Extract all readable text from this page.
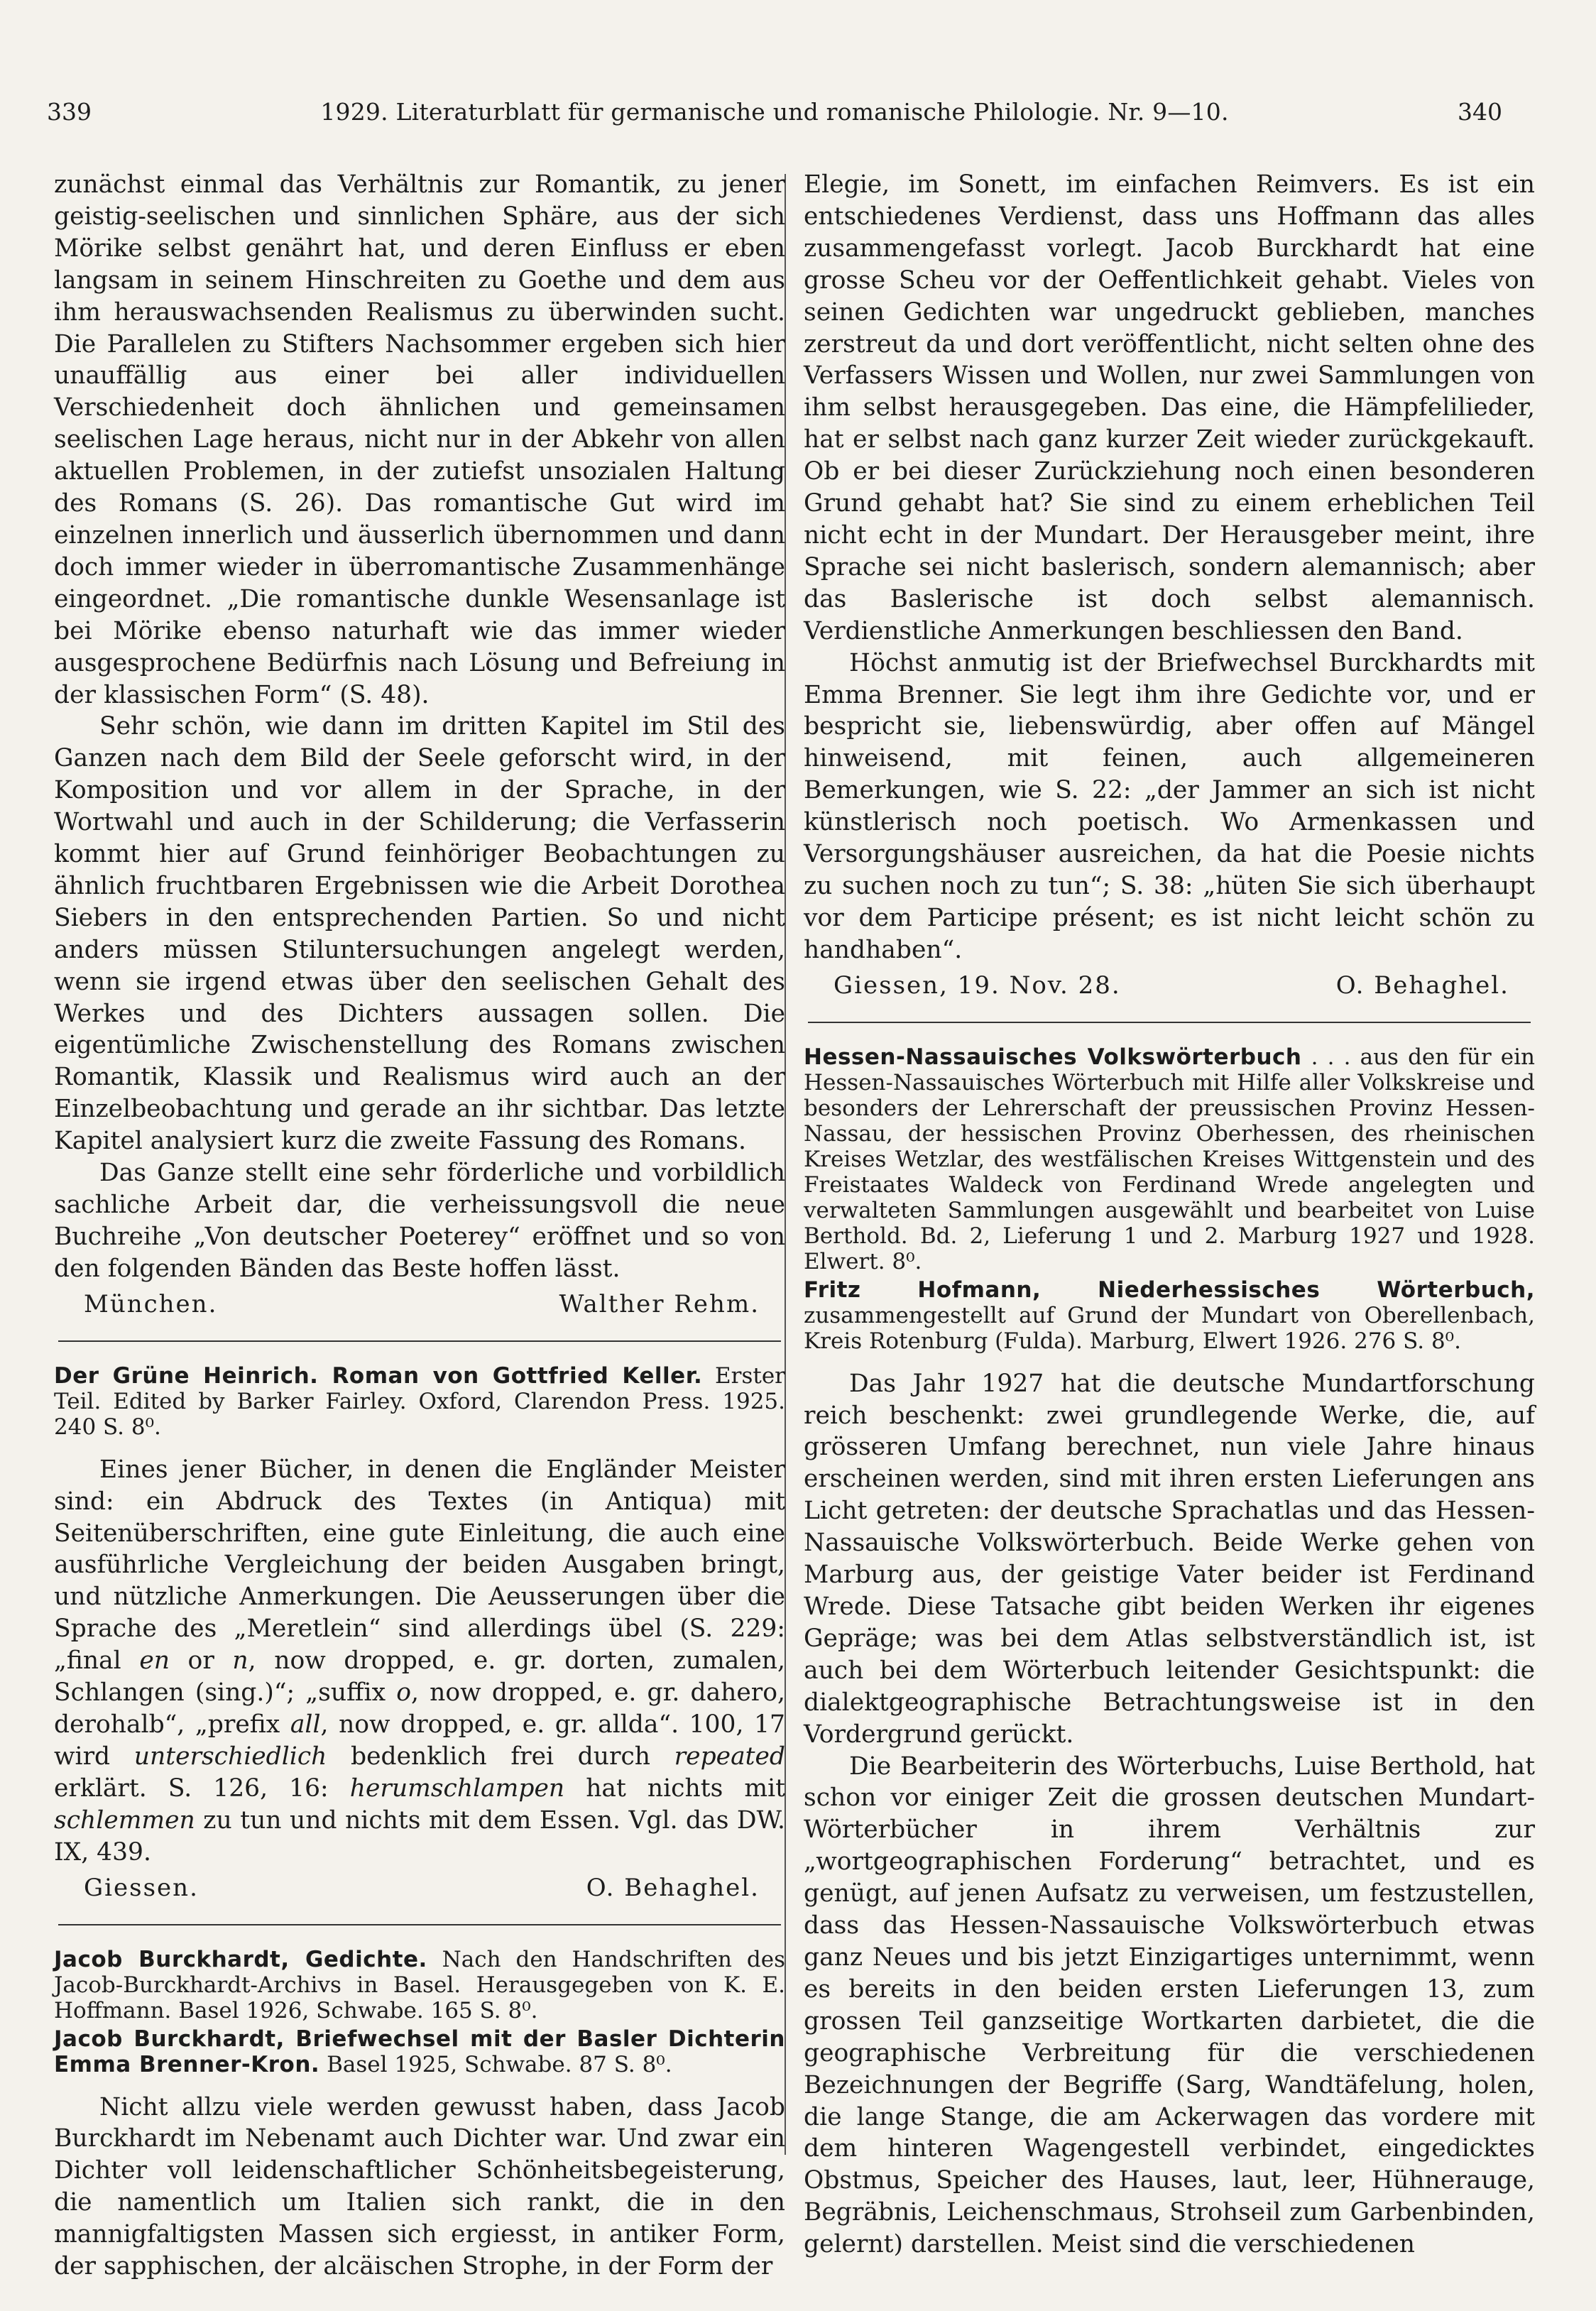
339	1929. Literaturblatt für germanische und romanische Philologie. Nr. 9—10.	340

zunächst einmal das Verhältnis zur Romantik, zu jener geistig-seelischen und sinnlichen Sphäre, aus der sich Mörike selbst genährt hat, und deren Einfluss er eben langsam in seinem Hinschreiten zu Goethe und dem aus ihm herauswachsenden Realismus zu überwinden sucht. Die Parallelen zu Stifters Nachsommer ergeben sich hier unauffällig aus einer bei aller individuellen Verschiedenheit doch ähnlichen und gemeinsamen seelischen Lage heraus, nicht nur in der Abkehr von allen aktuellen Problemen, in der zutiefst unsozialen Haltung des Romans (S. 26). Das romantische Gut wird im einzelnen innerlich und äusserlich übernommen und dann doch immer wieder in überromantische Zusammenhänge eingeordnet. „Die romantische dunkle Wesensanlage ist bei Mörike ebenso naturhaft wie das immer wieder ausgesprochene Bedürfnis nach Lösung und Befreiung in der klassischen Form“ (S. 48).

Sehr schön, wie dann im dritten Kapitel im Stil des Ganzen nach dem Bild der Seele geforscht wird, in der Komposition und vor allem in der Sprache, in der Wortwahl und auch in der Schilderung; die Verfasserin kommt hier auf Grund feinhöriger Beobachtungen zu ähnlich fruchtbaren Ergebnissen wie die Arbeit Dorothea Siebers in den entsprechenden Partien. So und nicht anders müssen Stiluntersuchungen angelegt werden, wenn sie irgend etwas über den seelischen Gehalt des Werkes und des Dichters aussagen sollen. Die eigentümliche Zwischenstellung des Romans zwischen Romantik, Klassik und Realismus wird auch an der Einzelbeobachtung und gerade an ihr sichtbar. Das letzte Kapitel analysiert kurz die zweite Fassung des Romans.

Das Ganze stellt eine sehr förderliche und vorbildlich sachliche Arbeit dar, die verheissungsvoll die neue Buchreihe „Von deutscher Poeterey“ eröffnet und so von den folgenden Bänden das Beste hoffen lässt.

München.	Walther Rehm.
Der Grüne Heinrich. Roman von Gottfried Keller. Erster Teil. Edited by Barker Fairley. Oxford, Clarendon Press. 1925. 240 S. 8⁰.

Eines jener Bücher, in denen die Engländer Meister sind: ein Abdruck des Textes (in Antiqua) mit Seitenüberschriften, eine gute Einleitung, die auch eine ausführliche Vergleichung der beiden Ausgaben bringt, und nützliche Anmerkungen. Die Aeusserungen über die Sprache des „Meretlein“ sind allerdings übel (S. 229: „final en or n, now dropped, e. gr. dorten, zumalen, Schlangen (sing.)“; „suffix o, now dropped, e. gr. dahero, derohalb“, „prefix all, now dropped, e. gr. allda“. 100, 17 wird unterschiedlich bedenklich frei durch repeated erklärt. S. 126, 16: herumschlampen hat nichts mit schlemmen zu tun und nichts mit dem Essen. Vgl. das DW. IX, 439.

Giessen.	O. Behaghel.
Jacob Burckhardt, Gedichte. Nach den Handschriften des Jacob-Burckhardt-Archivs in Basel. Herausgegeben von K. E. Hoffmann. Basel 1926, Schwabe. 165 S. 8⁰.
Jacob Burckhardt, Briefwechsel mit der Basler Dichterin Emma Brenner-Kron. Basel 1925, Schwabe. 87 S. 8⁰.

Nicht allzu viele werden gewusst haben, dass Jacob Burckhardt im Nebenamt auch Dichter war. Und zwar ein Dichter voll leidenschaftlicher Schönheitsbegeisterung, die namentlich um Italien sich rankt, die in den mannigfaltigsten Massen sich ergiesst, in antiker Form, der sapphischen, der alcäischen Strophe, in der Form der

Elegie, im Sonett, im einfachen Reimvers. Es ist ein entschiedenes Verdienst, dass uns Hoffmann das alles zusammengefasst vorlegt. Jacob Burckhardt hat eine grosse Scheu vor der Oeffentlichkeit gehabt. Vieles von seinen Gedichten war ungedruckt geblieben, manches zerstreut da und dort veröffentlicht, nicht selten ohne des Verfassers Wissen und Wollen, nur zwei Sammlungen von ihm selbst herausgegeben. Das eine, die Hämpfelilieder, hat er selbst nach ganz kurzer Zeit wieder zurückgekauft. Ob er bei dieser Zurückziehung noch einen besonderen Grund gehabt hat? Sie sind zu einem erheblichen Teil nicht echt in der Mundart. Der Herausgeber meint, ihre Sprache sei nicht baslerisch, sondern alemannisch; aber das Baslerische ist doch selbst alemannisch. Verdienstliche Anmerkungen beschliessen den Band.

Höchst anmutig ist der Briefwechsel Burckhardts mit Emma Brenner. Sie legt ihm ihre Gedichte vor, und er bespricht sie, liebenswürdig, aber offen auf Mängel hinweisend, mit feinen, auch allgemeineren Bemerkungen, wie S. 22: „der Jammer an sich ist nicht künstlerisch noch poetisch. Wo Armenkassen und Versorgungshäuser ausreichen, da hat die Poesie nichts zu suchen noch zu tun“; S. 38: „hüten Sie sich überhaupt vor dem Participe présent; es ist nicht leicht schön zu handhaben“.

Giessen, 19. Nov. 28.	O. Behaghel.
Hessen-Nassauisches Volkswörterbuch . . . aus den für ein Hessen-Nassauisches Wörterbuch mit Hilfe aller Volkskreise und besonders der Lehrerschaft der preussischen Provinz Hessen-Nassau, der hessischen Provinz Oberhessen, des rheinischen Kreises Wetzlar, des westfälischen Kreises Wittgenstein und des Freistaates Waldeck von Ferdinand Wrede angelegten und verwalteten Sammlungen ausgewählt und bearbeitet von Luise Berthold. Bd. 2, Lieferung 1 und 2. Marburg 1927 und 1928. Elwert. 8⁰.
Fritz Hofmann, Niederhessisches Wörterbuch, zusammengestellt auf Grund der Mundart von Oberellenbach, Kreis Rotenburg (Fulda). Marburg, Elwert 1926. 276 S. 8⁰.

Das Jahr 1927 hat die deutsche Mundartforschung reich beschenkt: zwei grundlegende Werke, die, auf grösseren Umfang berechnet, nun viele Jahre hinaus erscheinen werden, sind mit ihren ersten Lieferungen ans Licht getreten: der deutsche Sprachatlas und das Hessen-Nassauische Volkswörterbuch. Beide Werke gehen von Marburg aus, der geistige Vater beider ist Ferdinand Wrede. Diese Tatsache gibt beiden Werken ihr eigenes Gepräge; was bei dem Atlas selbstverständlich ist, ist auch bei dem Wörterbuch leitender Gesichtspunkt: die dialektgeographische Betrachtungsweise ist in den Vordergrund gerückt.

Die Bearbeiterin des Wörterbuchs, Luise Berthold, hat schon vor einiger Zeit die grossen deutschen Mundart-Wörterbücher in ihrem Verhältnis zur „wortgeographischen Forderung“ betrachtet, und es genügt, auf jenen Aufsatz zu verweisen, um festzustellen, dass das Hessen-Nassauische Volkswörterbuch etwas ganz Neues und bis jetzt Einzigartiges unternimmt, wenn es bereits in den beiden ersten Lieferungen 13, zum grossen Teil ganzseitige Wortkarten darbietet, die die geographische Verbreitung für die verschiedenen Bezeichnungen der Begriffe (Sarg, Wandtäfelung, holen, die lange Stange, die am Ackerwagen das vordere mit dem hinteren Wagengestell verbindet, eingedicktes Obstmus, Speicher des Hauses, laut, leer, Hühnerauge, Begräbnis, Leichenschmaus, Strohseil zum Garbenbinden, gelernt) darstellen. Meist sind die verschiedenen
